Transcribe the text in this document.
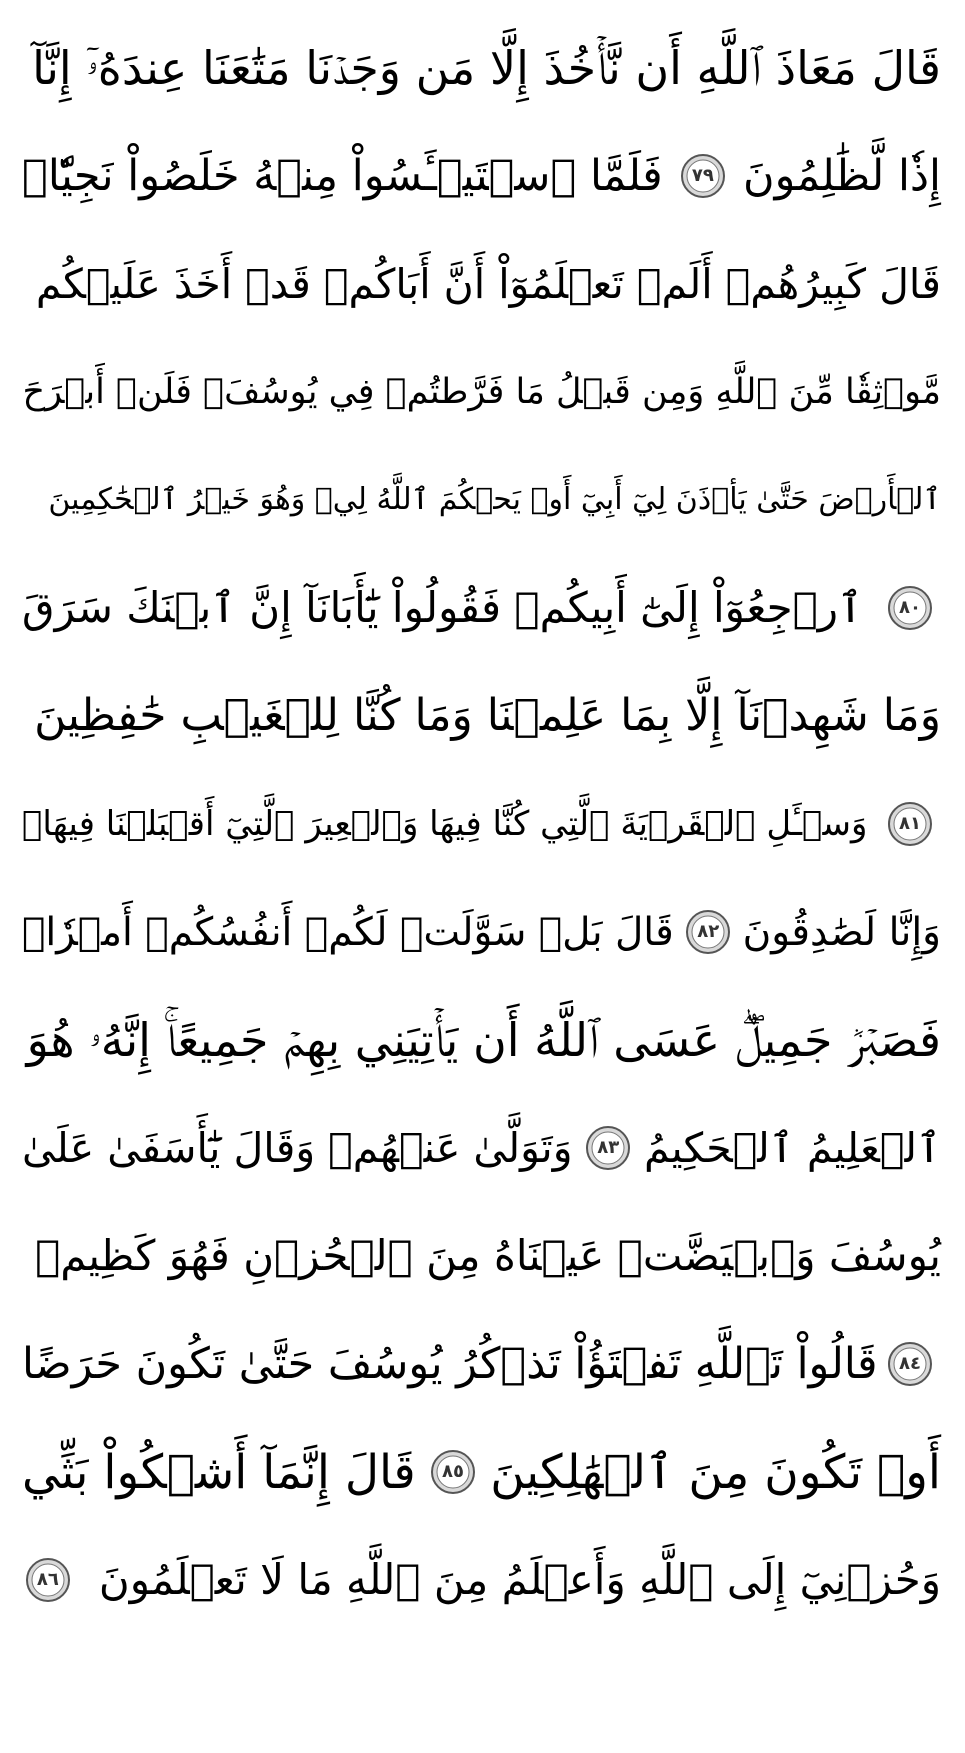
قَالَ مَعَاذَ ٱللَّهِ أَن نَّأۡخُذَ إِلَّا مَن وَجَدۡنَا مَتَٰعَنَا عِندَهُۥٓ إِنَّآ
إِذٗا لَّظَٰلِمُونَ
٧٩
فَلَمَّا ٱسۡتَيۡـَٔسُواْ مِنۡهُ خَلَصُواْ نَجِيّٗاۖ
قَالَ كَبِيرُهُمۡ أَلَمۡ تَعۡلَمُوٓاْ أَنَّ أَبَاكُمۡ قَدۡ أَخَذَ عَلَيۡكُم
مَّوۡثِقٗا مِّنَ ٱللَّهِ وَمِن قَبۡلُ مَا فَرَّطتُمۡ فِي يُوسُفَۖ فَلَنۡ أَبۡرَحَ
ٱلۡأَرۡضَ حَتَّىٰ يَأۡذَنَ لِيٓ أَبِيٓ أَوۡ يَحۡكُمَ ٱللَّهُ لِيۖ وَهُوَ خَيۡرُ ٱلۡحَٰكِمِينَ
٨٠
ٱرۡجِعُوٓاْ إِلَىٰٓ أَبِيكُمۡ فَقُولُواْ يَٰٓأَبَانَآ إِنَّ ٱبۡنَكَ سَرَقَ
وَمَا شَهِدۡنَآ إِلَّا بِمَا عَلِمۡنَا وَمَا كُنَّا لِلۡغَيۡبِ حَٰفِظِينَ
٨١
وَسۡـَٔلِ ٱلۡقَرۡيَةَ ٱلَّتِي كُنَّا فِيهَا وَٱلۡعِيرَ ٱلَّتِيٓ أَقۡبَلۡنَا فِيهَاۖ
وَإِنَّا لَصَٰدِقُونَ
٨٢
قَالَ بَلۡ سَوَّلَتۡ لَكُمۡ أَنفُسُكُمۡ أَمۡرٗاۖ
فَصَبۡرٞ جَمِيلٌۖ عَسَى ٱللَّهُ أَن يَأۡتِيَنِي بِهِمۡ جَمِيعًاۚ إِنَّهُۥ هُوَ
ٱلۡعَلِيمُ ٱلۡحَكِيمُ
٨٣
وَتَوَلَّىٰ عَنۡهُمۡ وَقَالَ يَٰٓأَسَفَىٰ عَلَىٰ
يُوسُفَ وَٱبۡيَضَّتۡ عَيۡنَاهُ مِنَ ٱلۡحُزۡنِ فَهُوَ كَظِيمٞ
٨٤
قَالُواْ تَٱللَّهِ تَفۡتَؤُاْ تَذۡكُرُ يُوسُفَ حَتَّىٰ تَكُونَ حَرَضًا
أَوۡ تَكُونَ مِنَ ٱلۡهَٰلِكِينَ
٨٥
قَالَ إِنَّمَآ أَشۡكُواْ بَثِّي
وَحُزۡنِيٓ إِلَى ٱللَّهِ وَأَعۡلَمُ مِنَ ٱللَّهِ مَا لَا تَعۡلَمُونَ
٨٦
